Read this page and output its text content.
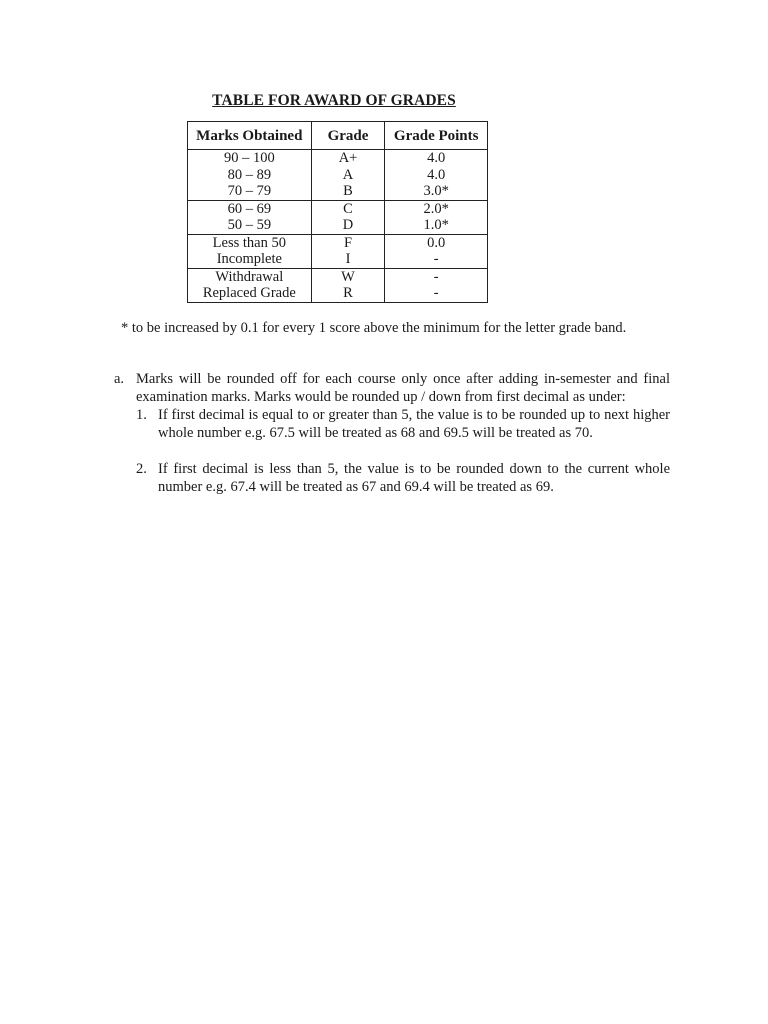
TABLE FOR AWARD OF GRADES
Marks Obtained	Grade	Grade Points
90 – 100	A+	4.0
80 – 89	A	4.0
70 – 79	B	3.0*
60 – 69	C	2.0*
50 – 59	D	1.0*
Less than 50	F	0.0
Incomplete	I	-
Withdrawal	W	-
Replaced Grade	R	-
* to be increased by 0.1 for every 1 score above the minimum for the letter grade band.
a. Marks will be rounded off for each course only once after adding in-semester and final examination marks. Marks would be rounded up / down from first decimal as under:
1. If first decimal is equal to or greater than 5, the value is to be rounded up to next higher whole number e.g. 67.5 will be treated as 68 and 69.5 will be treated as 70.
2. If first decimal is less than 5, the value is to be rounded down to the current whole number e.g. 67.4 will be treated as 67 and 69.4 will be treated as 69.
